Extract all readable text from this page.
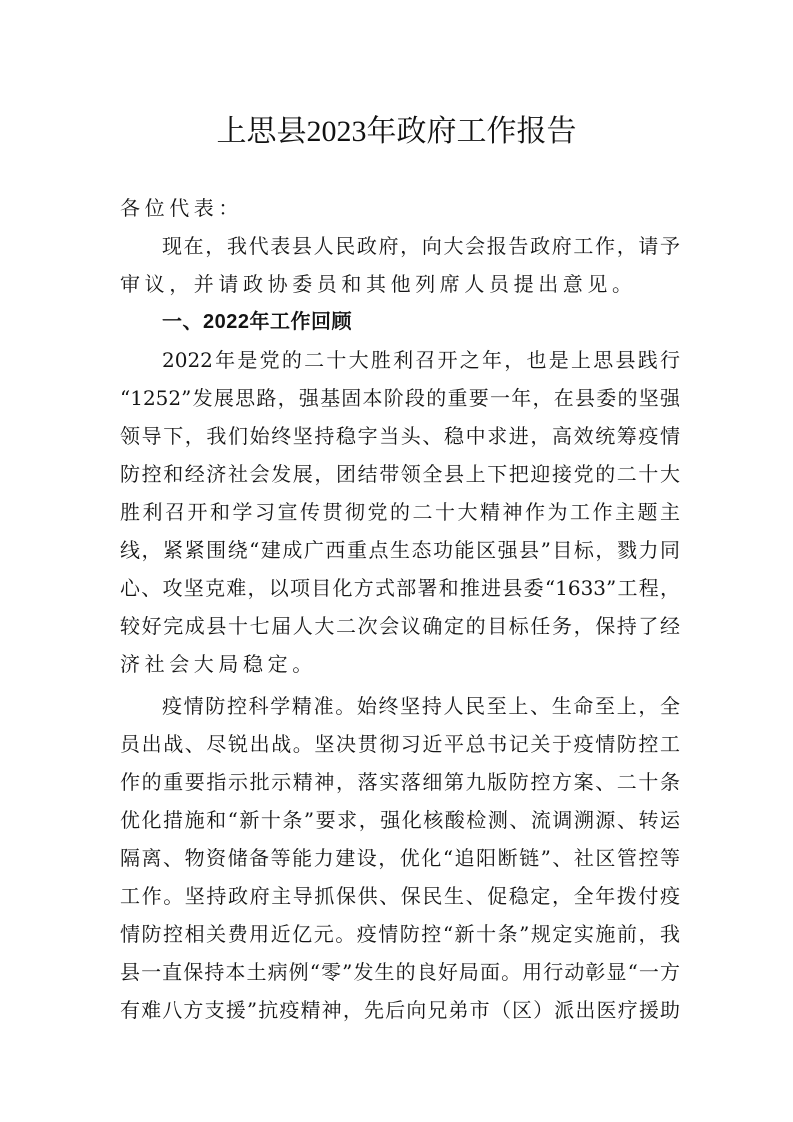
上思县2023年政府工作报告
各位代表：
现在，我代表县人民政府，向大会报告政府工作，请予
审议，并请政协委员和其他列席人员提出意见。
一、2022年工作回顾
2022年是党的二十大胜利召开之年，也是上思县践行
“1252”发展思路，强基固本阶段的重要一年，在县委的坚强
领导下，我们始终坚持稳字当头、稳中求进，高效统筹疫情
防控和经济社会发展，团结带领全县上下把迎接党的二十大
胜利召开和学习宣传贯彻党的二十大精神作为工作主题主
线，紧紧围绕“建成广西重点生态功能区强县”目标，戮力同
心、攻坚克难，以项目化方式部署和推进县委“1633”工程，
较好完成县十七届人大二次会议确定的目标任务，保持了经
济社会大局稳定。
疫情防控科学精准。始终坚持人民至上、生命至上，全
员出战、尽锐出战。坚决贯彻习近平总书记关于疫情防控工
作的重要指示批示精神，落实落细第九版防控方案、二十条
优化措施和“新十条”要求，强化核酸检测、流调溯源、转运
隔离、物资储备等能力建设，优化“追阳断链”、社区管控等
工作。坚持政府主导抓保供、保民生、促稳定，全年拨付疫
情防控相关费用近亿元。疫情防控“新十条”规定实施前，我
县一直保持本土病例“零”发生的良好局面。用行动彰显“一方
有难八方支援”抗疫精神，先后向兄弟市（区）派出医疗援助
